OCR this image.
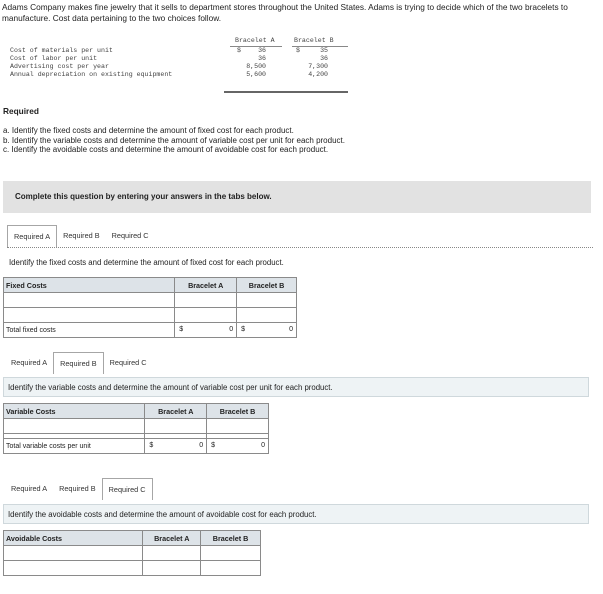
Adams Company makes fine jewelry that it sells to department stores throughout the United States. Adams is trying to decide which of the two bracelets to manufacture. Cost data pertaining to the two choices follow.
Bracelet A	Bracelet B
Cost of materials per unit	$	36	$	35
Cost of labor per unit	36	36
Advertising cost per year	8,500	7,300
Annual depreciation on existing equipment	5,600	4,200
Required
a. Identify the fixed costs and determine the amount of fixed cost for each product.
b. Identify the variable costs and determine the amount of variable cost per unit for each product.
c. Identify the avoidable costs and determine the amount of avoidable cost for each product.
Complete this question by entering your answers in the tabs below.
Required A	Required B	Required C
Identify the fixed costs and determine the amount of fixed cost for each product.
Fixed Costs	Bracelet A	Bracelet B

Total fixed costs	$ 0	$ 0
Required A	Required B	Required C
Identify the variable costs and determine the amount of variable cost per unit for each product.
Variable Costs	Bracelet A	Bracelet B

Total variable costs per unit	$ 0	$ 0
Required A	Required B	Required C
Identify the avoidable costs and determine the amount of avoidable cost for each product.
Avoidable Costs	Bracelet A	Bracelet B
